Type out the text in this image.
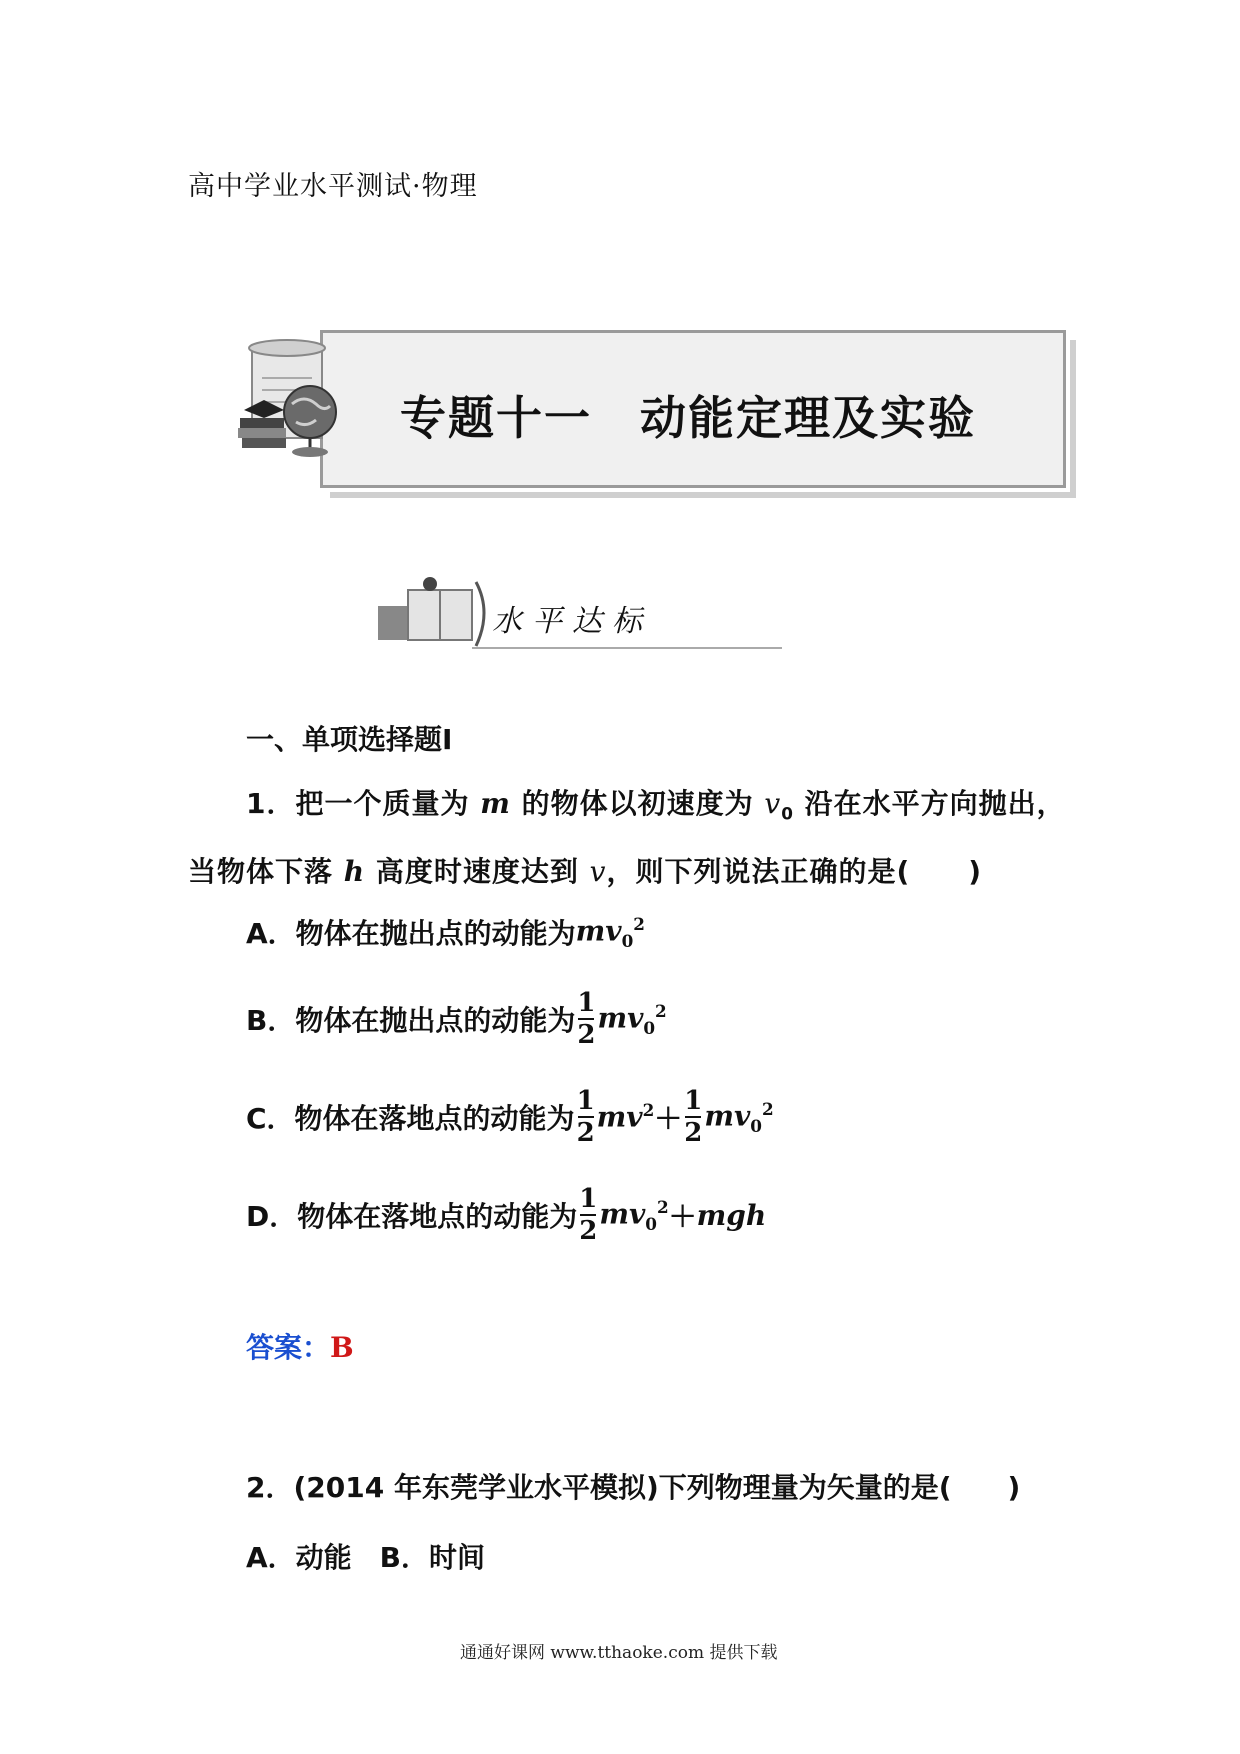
高中学业水平测试·物理
专题十一　动能定理及实验
水平达标
一、单项选择题Ⅰ
1．把一个质量为 m 的物体以初速度为 $v_0$ 沿在水平方向抛出，
当物体下落 h 高度时速度达到 v，则下列说法正确的是(　　)
A．物体在抛出点的动能为 $mv_0^2$
B．物体在抛出点的动能为 $\frac{1}{2} mv_0^2$
C．物体在落地点的动能为 $\frac{1}{2} mv^2 + \frac{1}{2} mv_0^2$
D．物体在落地点的动能为 $\frac{1}{2} mv_0^2$ ＋ mgh
答案：B
2．(2014 年东莞学业水平模拟)下列物理量为矢量的是(　　)
A．动能　B．时间
通通好课网 www.tthaoke.com 提供下载
